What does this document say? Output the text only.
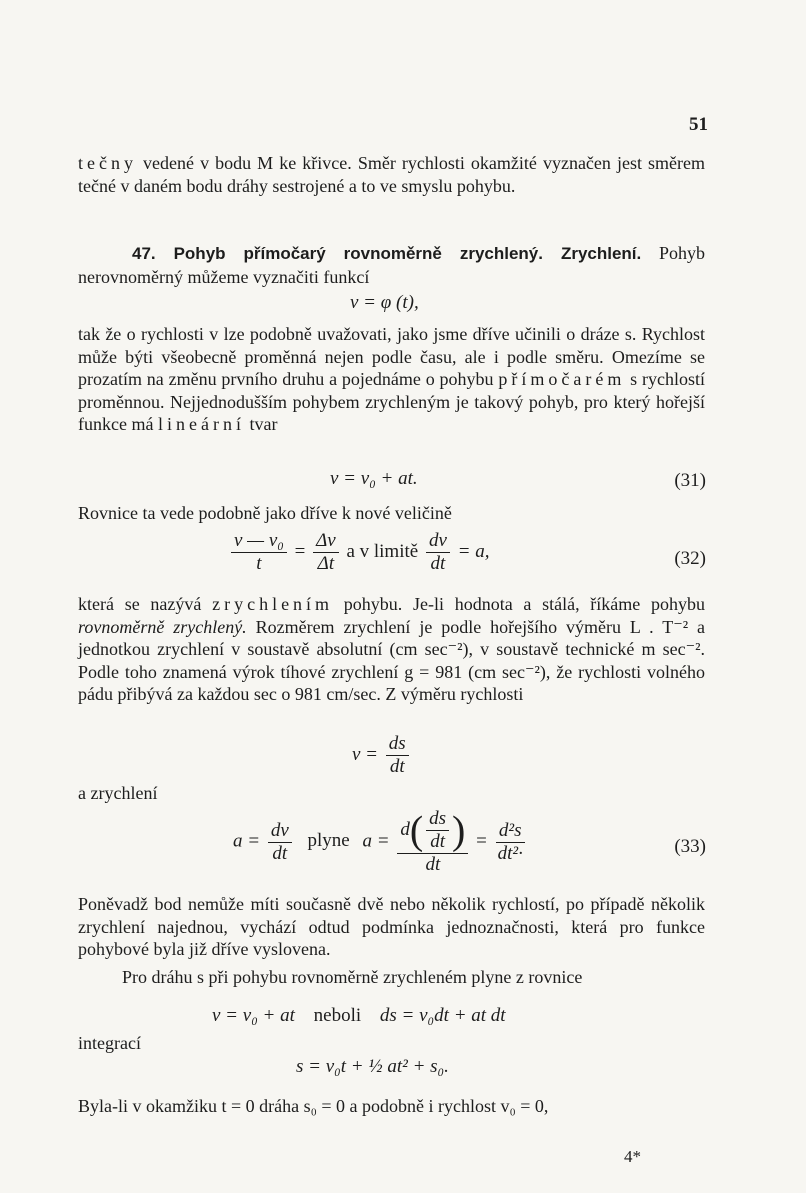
51
tečny vedené v bodu M ke křivce. Směr rychlosti okamžité vyznačen jest směrem tečné v daném bodu dráhy sestrojené a to ve smyslu pohybu.
47. Pohyb přímočarý rovnoměrně zrychlený. Zrychlení. Pohyb nerovnoměrný můžeme vyznačiti funkcí
v = φ (t),
tak že o rychlosti v lze podobně uvažovati, jako jsme dříve učinili o dráze s. Rychlost může býti všeobecně proměnná nejen podle času, ale i podle směru. Omezíme se prozatím na změnu prvního druhu a pojednáme o pohybu přímočarém s rychlostí proměnnou. Nejjednodušším pohybem zrychleným je takový pohyb, pro který hořejší funkce má lineární tvar
v = v₀ + at.	(31)
Rovnice ta vede podobně jako dříve k nové veličině
$\frac{\text{v — v₀}}{t} = \frac{\Delta v}{\Delta t}$ a v limitě $\frac{dv}{dt} = a$,	(32)
která se nazývá zrychlením pohybu. Je-li hodnota a stálá, říkáme pohybu rovnoměrně zrychlený. Rozměrem zrychlení je podle hořejšího výměru L . T⁻² a jednotkou zrychlení v soustavě absolutní (cm sec⁻²), v soustavě technické m sec⁻². Podle toho znamená výrok tíhové zrychlení g = 981 (cm sec⁻²), že rychlosti volného pádu přibývá za každou sec o 981 cm/sec. Z výměru rychlosti
$v = \frac{ds}{dt}$
a zrychlení
$a = \frac{dv}{dt}$ plyne $a = \frac{d( \frac{ds}{dt} )}{dt} = \frac{\text{d²s}}{\text{dt²·}}$	(33)
Poněvadž bod nemůže míti současně dvě nebo několik rychlostí, po případě několik zrychlení najednou, vychází odtud podmínka jednoznačnosti, která pro funkce pohybové byla již dříve vyslovena.
Pro dráhu s při pohybu rovnoměrně zrychleném plyne z rovnice
v = v₀ + at neboli ds = v₀dt + at dt
integrací
s = v₀t + ½ at² + s₀.
Byla-li v okamžiku t = 0 dráha s₀ = 0 a podobně i rychlost v₀ = 0,
4*
